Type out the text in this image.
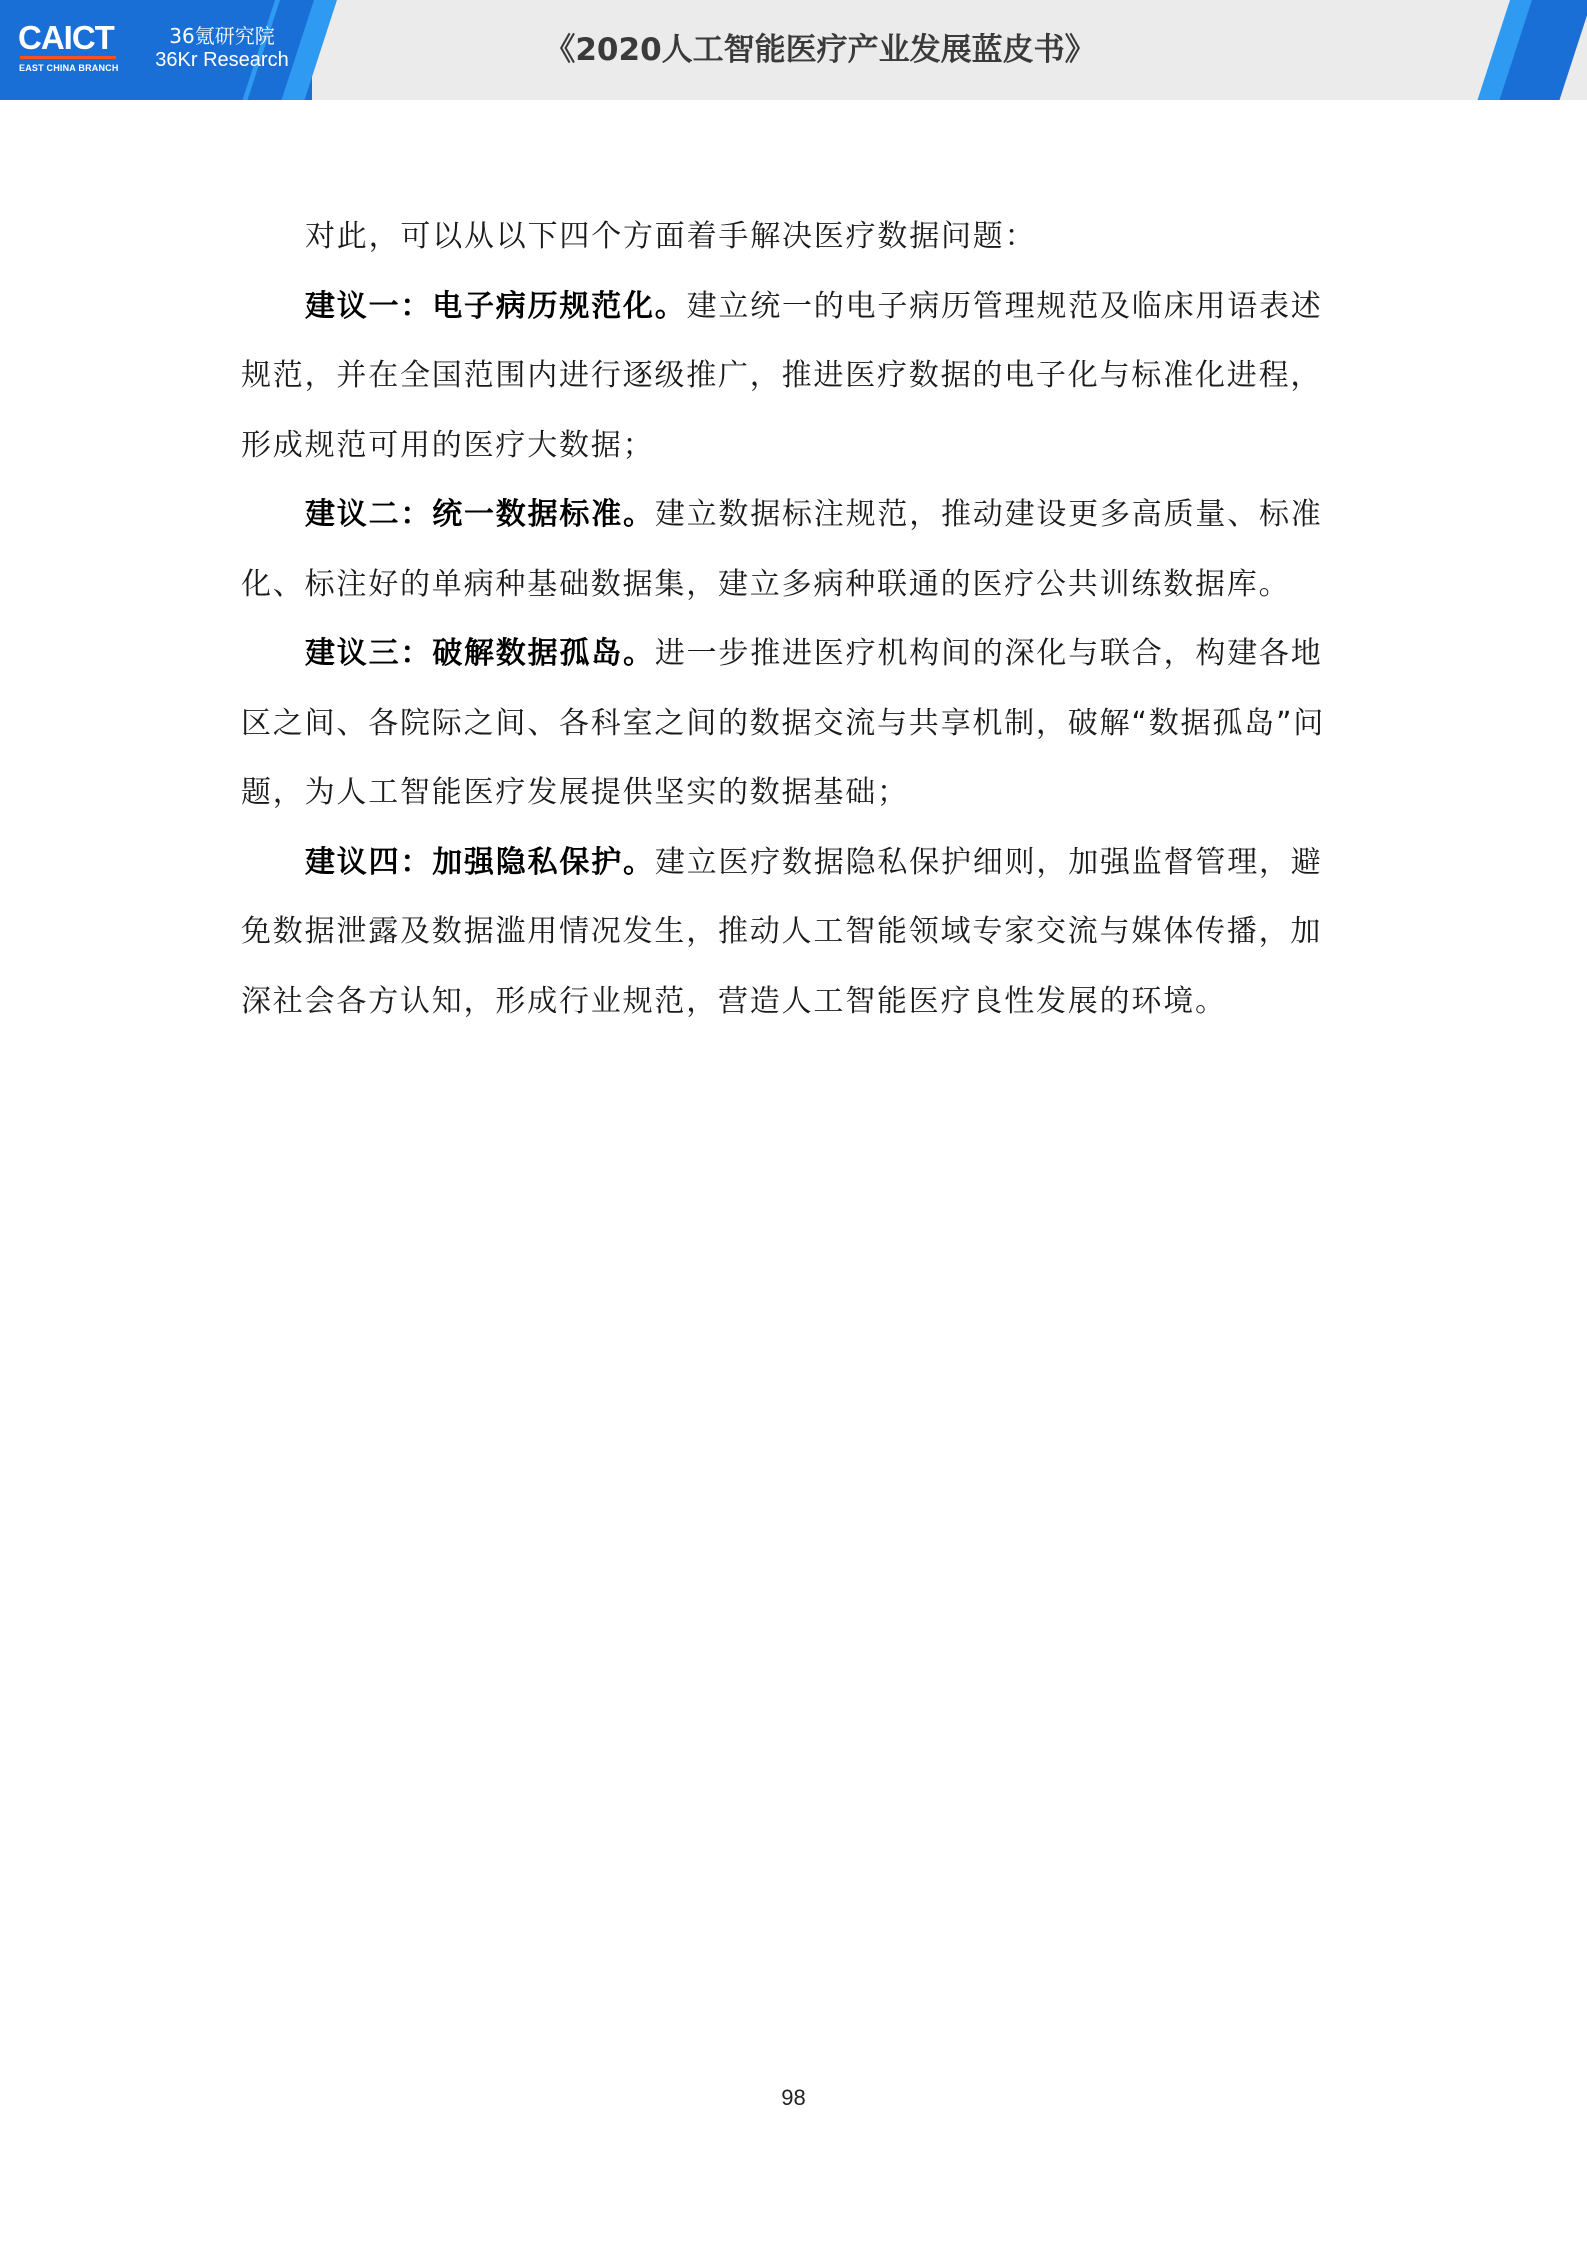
CAICT
EAST CHINA BRANCH
36氪研究院
36Kr Research	《2020人工智能医疗产业发展蓝皮书》

对此，可以从以下四个方面着手解决医疗数据问题：

建议一：电子病历规范化。建立统一的电子病历管理规范及临床用语表述规范，并在全国范围内进行逐级推广，推进医疗数据的电子化与标准化进程，形成规范可用的医疗大数据；

建议二：统一数据标准。建立数据标注规范，推动建设更多高质量、标准化、标注好的单病种基础数据集，建立多病种联通的医疗公共训练数据库。

建议三：破解数据孤岛。进一步推进医疗机构间的深化与联合，构建各地区之间、各院际之间、各科室之间的数据交流与共享机制，破解“数据孤岛”问题，为人工智能医疗发展提供坚实的数据基础；

建议四：加强隐私保护。建立医疗数据隐私保护细则，加强监督管理，避免数据泄露及数据滥用情况发生，推动人工智能领域专家交流与媒体传播，加深社会各方认知，形成行业规范，营造人工智能医疗良性发展的环境。

98
